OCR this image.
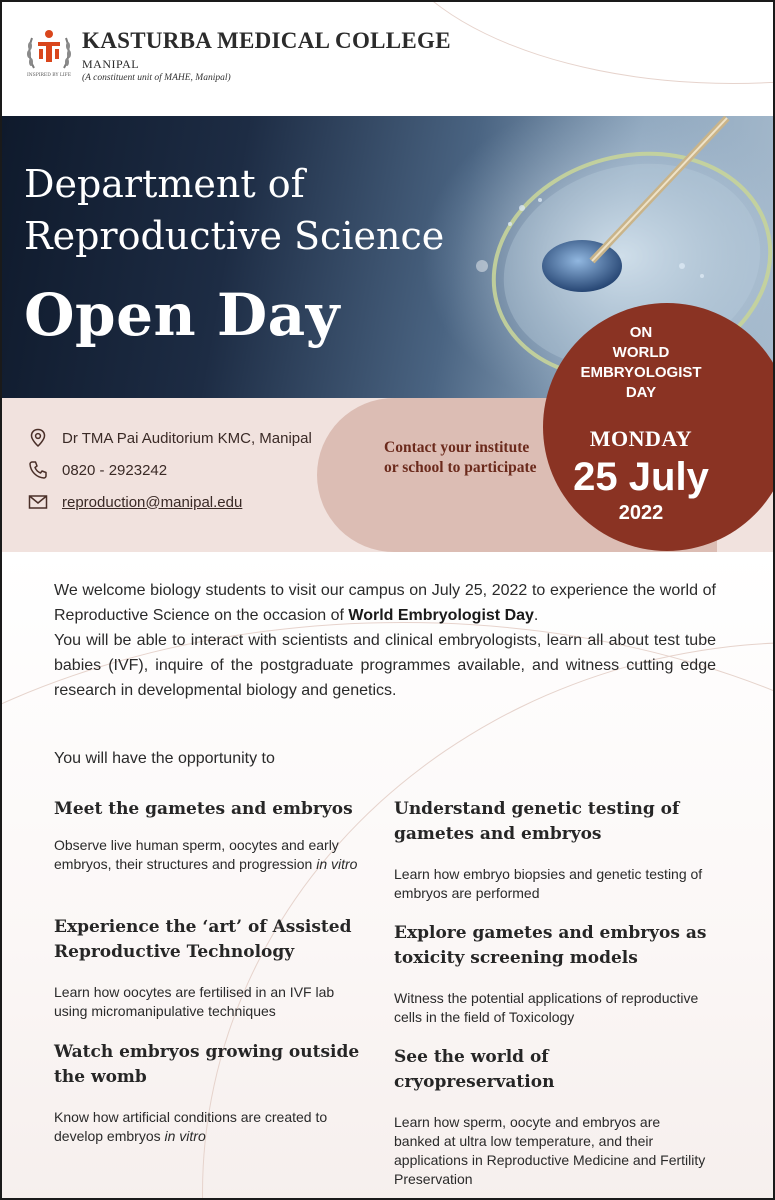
INSPIRED BY LIFE
KASTURBA MEDICAL COLLEGE
MANIPAL
(A constituent unit of MAHE, Manipal)
Department of
Reproductive Science
Open Day
Dr TMA Pai Auditorium KMC, Manipal
0820 - 2923242
reproduction@manipal.edu
Contact your institute or school to participate
ON
WORLD
EMBRYOLOGIST
DAY
MONDAY
25 July
2022
We welcome biology students to visit our campus on July 25, 2022 to experience the world of Reproductive Science on the occasion of World Embryologist Day.
You will be able to interact with scientists and clinical embryologists, learn all about test tube babies (IVF), inquire of the postgraduate programmes available, and witness cutting edge research in developmental biology and genetics.
You will have the opportunity to
Meet the gametes and embryos

Observe live human sperm, oocytes and early embryos, their structures and progression in vitro

Experience the ‘art’ of Assisted Reproductive Technology

Learn how oocytes are fertilised in an IVF lab using micromanipulative techniques

Watch embryos growing outside the womb

Know how artificial conditions are created to develop embryos in vitro

Understand genetic testing of gametes and embryos

Learn how embryo biopsies and genetic testing of embryos are performed

Explore gametes and embryos as toxicity screening models

Witness the potential applications of reproductive cells in the field of Toxicology

See the world of cryopreservation

Learn how sperm, oocyte and embryos are banked at ultra low temperature, and their applications in Reproductive Medicine and Fertility Preservation
